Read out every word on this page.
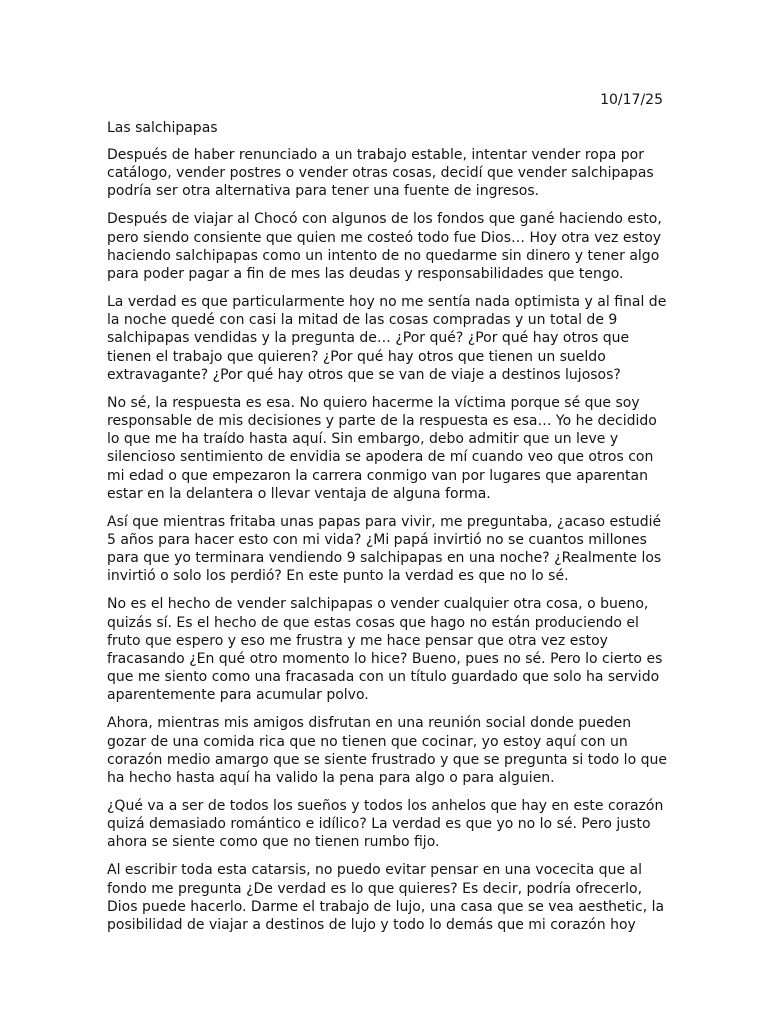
10/17/25
Las salchipapas
Después de haber renunciado a un trabajo estable, intentar vender ropa por
catálogo, vender postres o vender otras cosas, decidí que vender salchipapas
podría ser otra alternativa para tener una fuente de ingresos.
Después de viajar al Chocó con algunos de los fondos que gané haciendo esto,
pero siendo consiente que quien me costeó todo fue Dios… Hoy otra vez estoy
haciendo salchipapas como un intento de no quedarme sin dinero y tener algo
para poder pagar a fin de mes las deudas y responsabilidades que tengo.
La verdad es que particularmente hoy no me sentía nada optimista y al final de
la noche quedé con casi la mitad de las cosas compradas y un total de 9
salchipapas vendidas y la pregunta de… ¿Por qué? ¿Por qué hay otros que
tienen el trabajo que quieren? ¿Por qué hay otros que tienen un sueldo
extravagante? ¿Por qué hay otros que se van de viaje a destinos lujosos?
No sé, la respuesta es esa. No quiero hacerme la víctima porque sé que soy
responsable de mis decisiones y parte de la respuesta es esa… Yo he decidido
lo que me ha traído hasta aquí. Sin embargo, debo admitir que un leve y
silencioso sentimiento de envidia se apodera de mí cuando veo que otros con
mi edad o que empezaron la carrera conmigo van por lugares que aparentan
estar en la delantera o llevar ventaja de alguna forma.
Así que mientras fritaba unas papas para vivir, me preguntaba, ¿acaso estudié
5 años para hacer esto con mi vida? ¿Mi papá invirtió no se cuantos millones
para que yo terminara vendiendo 9 salchipapas en una noche? ¿Realmente los
invirtió o solo los perdió? En este punto la verdad es que no lo sé.
No es el hecho de vender salchipapas o vender cualquier otra cosa, o bueno,
quizás sí. Es el hecho de que estas cosas que hago no están produciendo el
fruto que espero y eso me frustra y me hace pensar que otra vez estoy
fracasando ¿En qué otro momento lo hice? Bueno, pues no sé. Pero lo cierto es
que me siento como una fracasada con un título guardado que solo ha servido
aparentemente para acumular polvo.
Ahora, mientras mis amigos disfrutan en una reunión social donde pueden
gozar de una comida rica que no tienen que cocinar, yo estoy aquí con un
corazón medio amargo que se siente frustrado y que se pregunta si todo lo que
ha hecho hasta aquí ha valido la pena para algo o para alguien.
¿Qué va a ser de todos los sueños y todos los anhelos que hay en este corazón
quizá demasiado romántico e idílico? La verdad es que yo no lo sé. Pero justo
ahora se siente como que no tienen rumbo fijo.
Al escribir toda esta catarsis, no puedo evitar pensar en una vocecita que al
fondo me pregunta ¿De verdad es lo que quieres? Es decir, podría ofrecerlo,
Dios puede hacerlo. Darme el trabajo de lujo, una casa que se vea aesthetic, la
posibilidad de viajar a destinos de lujo y todo lo demás que mi corazón hoy
